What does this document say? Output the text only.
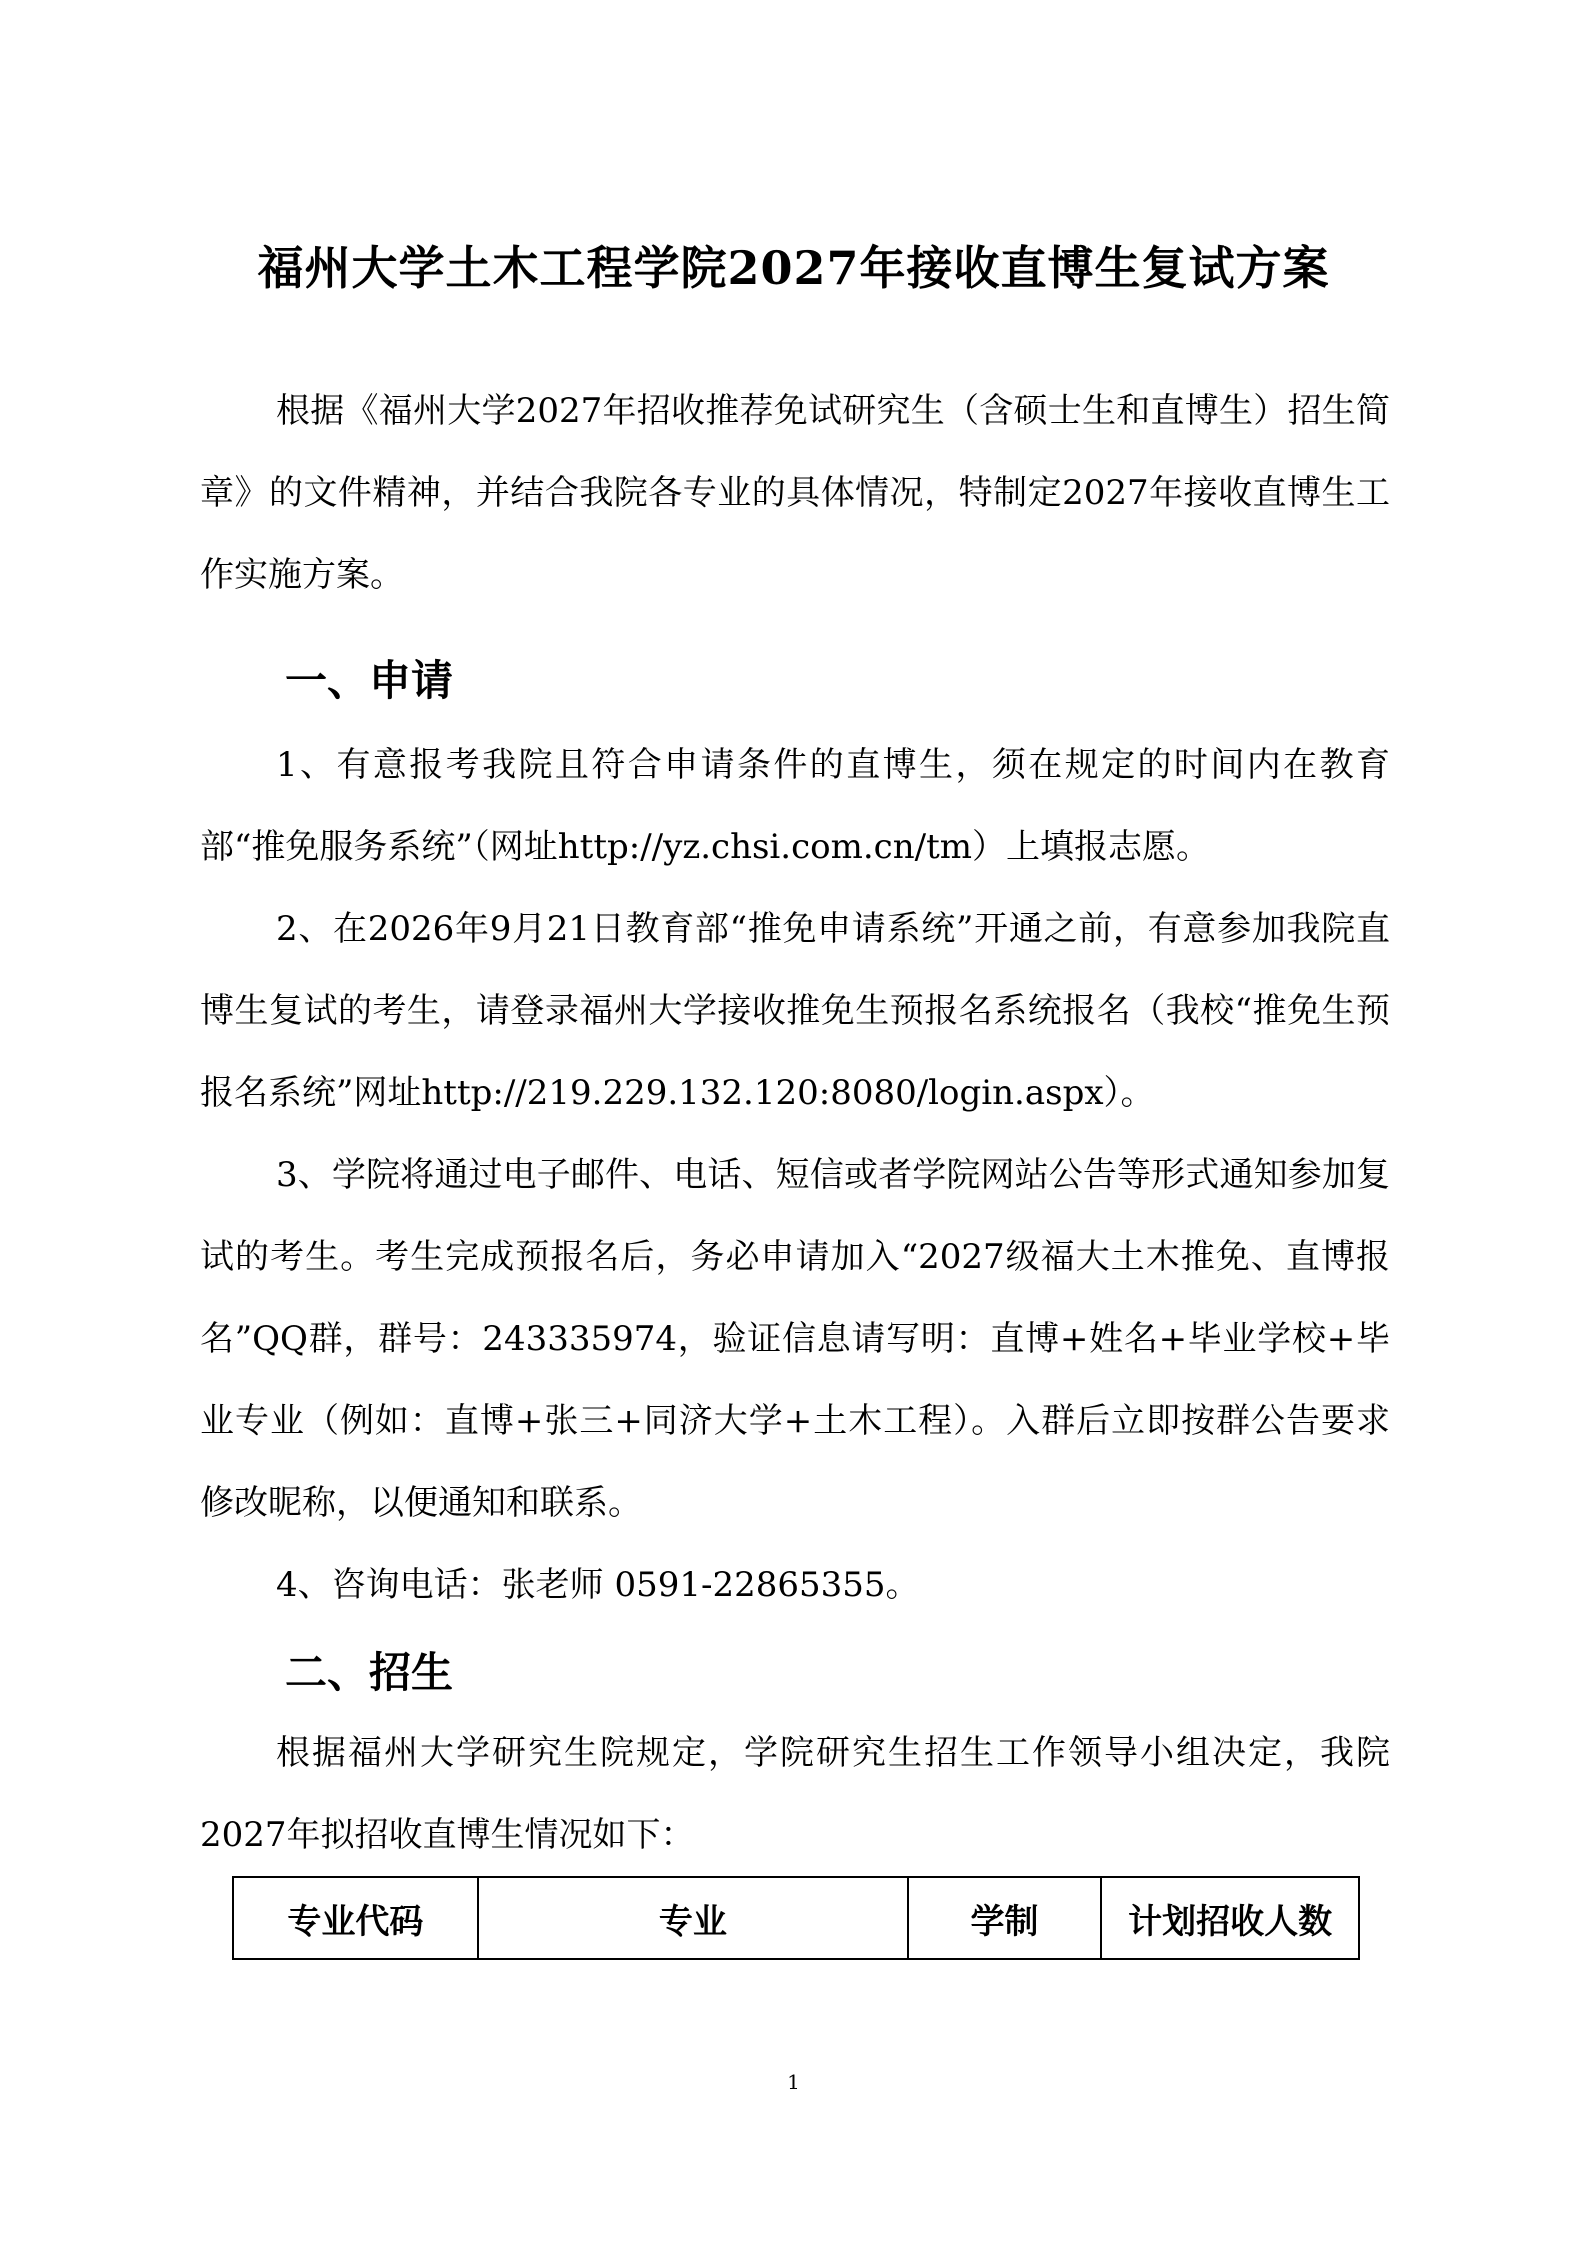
福州大学土木工程学院2027年接收直博生复试方案

根据《福州大学2027年招收推荐免试研究生（含硕士生和直博生）招生简章》的文件精神，并结合我院各专业的具体情况，特制定2027年接收直博生工作实施方案。

一、申请

1、有意报考我院且符合申请条件的直博生，须在规定的时间内在教育部“推免服务系统”（网址http://yz.chsi.com.cn/tm）上填报志愿。

2、在2026年9月21日教育部“推免申请系统”开通之前，有意参加我院直博生复试的考生，请登录福州大学接收推免生预报名系统报名（我校“推免生预报名系统”网址http://219.229.132.120:8080/login.aspx）。

3、学院将通过电子邮件、电话、短信或者学院网站公告等形式通知参加复试的考生。考生完成预报名后，务必申请加入“2027级福大土木推免、直博报名”QQ群，群号：243335974，验证信息请写明：直博+姓名+毕业学校+毕业专业（例如：直博+张三+同济大学+土木工程）。入群后立即按群公告要求修改昵称，以便通知和联系。

4、咨询电话：张老师 0591-22865355。

二、招生

根据福州大学研究生院规定，学院研究生招生工作领导小组决定，我院2027年拟招收直博生情况如下：

专业代码	专业	学制	计划招收人数
1
